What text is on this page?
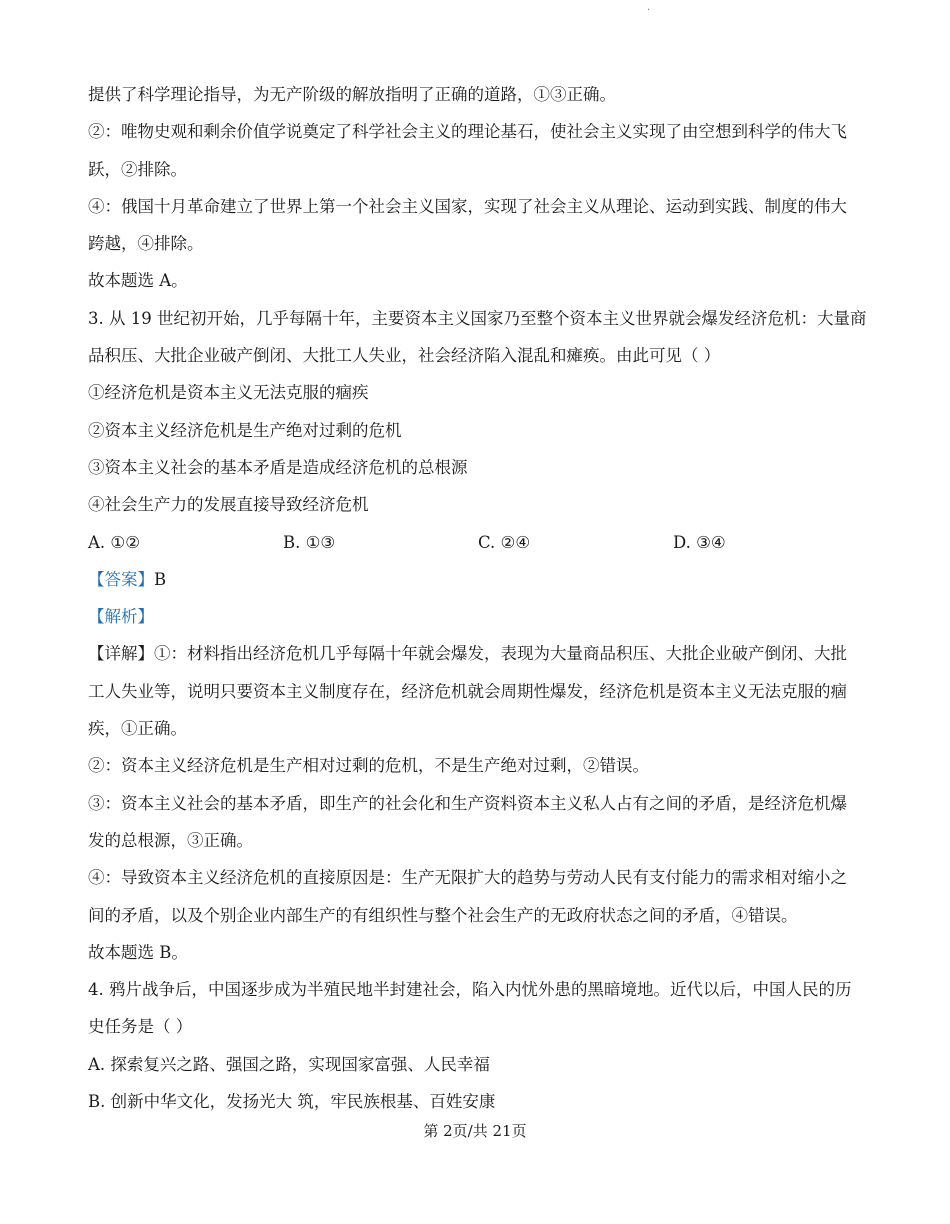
.
提供了科学理论指导，为无产阶级的解放指明了正确的道路，①③正确。
②：唯物史观和剩余价值学说奠定了科学社会主义的理论基石，使社会主义实现了由空想到科学的伟大飞
跃，②排除。
④：俄国十月革命建立了世界上第一个社会主义国家，实现了社会主义从理论、运动到实践、制度的伟大
跨越，④排除。
故本题选 A。
3. 从 19 世纪初开始，几乎每隔十年，主要资本主义国家乃至整个资本主义世界就会爆发经济危机：大量商
品积压、大批企业破产倒闭、大批工人失业，社会经济陷入混乱和瘫痪。由此可见（ ）
①经济危机是资本主义无法克服的痼疾
②资本主义经济危机是生产绝对过剩的危机
③资本主义社会的基本矛盾是造成经济危机的总根源
④社会生产力的发展直接导致经济危机
A. ①②	B. ①③	C. ②④	D. ③④
【答案】B
【解析】
【详解】①：材料指出经济危机几乎每隔十年就会爆发，表现为大量商品积压、大批企业破产倒闭、大批
工人失业等，说明只要资本主义制度存在，经济危机就会周期性爆发，经济危机是资本主义无法克服的痼
疾，①正确。
②：资本主义经济危机是生产相对过剩的危机，不是生产绝对过剩，②错误。
③：资本主义社会的基本矛盾，即生产的社会化和生产资料资本主义私人占有之间的矛盾，是经济危机爆
发的总根源，③正确。
④：导致资本主义经济危机的直接原因是：生产无限扩大的趋势与劳动人民有支付能力的需求相对缩小之
间的矛盾，以及个别企业内部生产的有组织性与整个社会生产的无政府状态之间的矛盾，④错误。
故本题选 B。
4. 鸦片战争后，中国逐步成为半殖民地半封建社会，陷入内忧外患的黑暗境地。近代以后，中国人民的历
史任务是（ ）
A. 探索复兴之路、强国之路，实现国家富强、人民幸福
B. 创新中华文化，发扬光大 筑，牢民族根基、百姓安康
第 2页/共 21页
